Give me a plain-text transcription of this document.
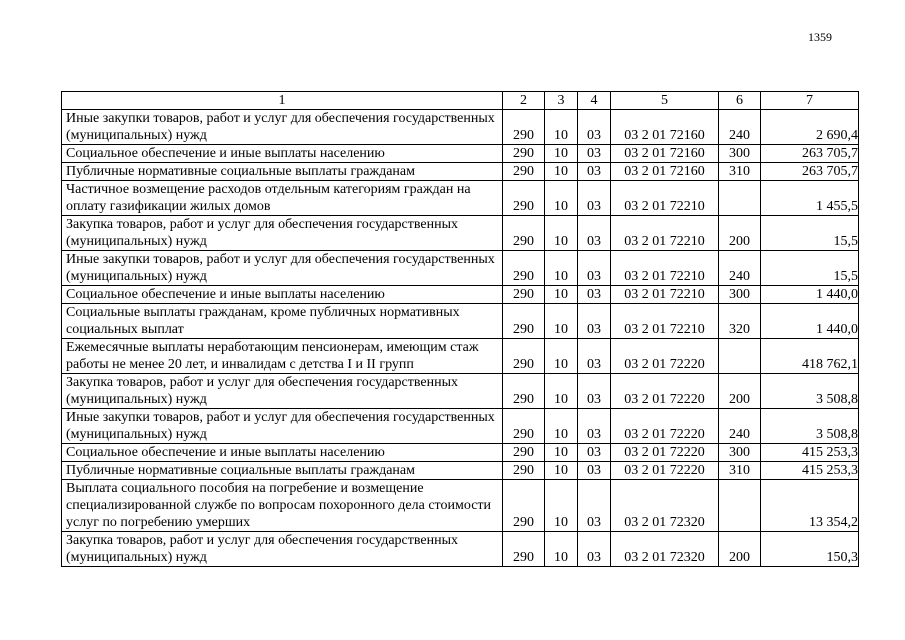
1359
1	2	3	4	5	6	7
Иные закупки товаров, работ и услуг для обеспечения государственных (муниципальных) нужд	290	10	03	03 2 01 72160	240	2 690,4
Социальное обеспечение и иные выплаты населению	290	10	03	03 2 01 72160	300	263 705,7
Публичные нормативные социальные выплаты гражданам	290	10	03	03 2 01 72160	310	263 705,7
Частичное возмещение расходов отдельным категориям граждан на оплату газификации жилых домов	290	10	03	03 2 01 72210		1 455,5
Закупка товаров, работ и услуг для обеспечения государственных (муниципальных) нужд	290	10	03	03 2 01 72210	200	15,5
Иные закупки товаров, работ и услуг для обеспечения государственных (муниципальных) нужд	290	10	03	03 2 01 72210	240	15,5
Социальное обеспечение и иные выплаты населению	290	10	03	03 2 01 72210	300	1 440,0
Социальные выплаты гражданам, кроме публичных нормативных социальных выплат	290	10	03	03 2 01 72210	320	1 440,0
Ежемесячные выплаты неработающим пенсионерам, имеющим стаж работы не менее 20 лет, и инвалидам с детства I и II групп	290	10	03	03 2 01 72220		418 762,1
Закупка товаров, работ и услуг для обеспечения государственных (муниципальных) нужд	290	10	03	03 2 01 72220	200	3 508,8
Иные закупки товаров, работ и услуг для обеспечения государственных (муниципальных) нужд	290	10	03	03 2 01 72220	240	3 508,8
Социальное обеспечение и иные выплаты населению	290	10	03	03 2 01 72220	300	415 253,3
Публичные нормативные социальные выплаты гражданам	290	10	03	03 2 01 72220	310	415 253,3
Выплата социального пособия на погребение и возмещение специализированной службе по вопросам похоронного дела стоимости услуг по погребению умерших	290	10	03	03 2 01 72320		13 354,2
Закупка товаров, работ и услуг для обеспечения государственных (муниципальных) нужд	290	10	03	03 2 01 72320	200	150,3
